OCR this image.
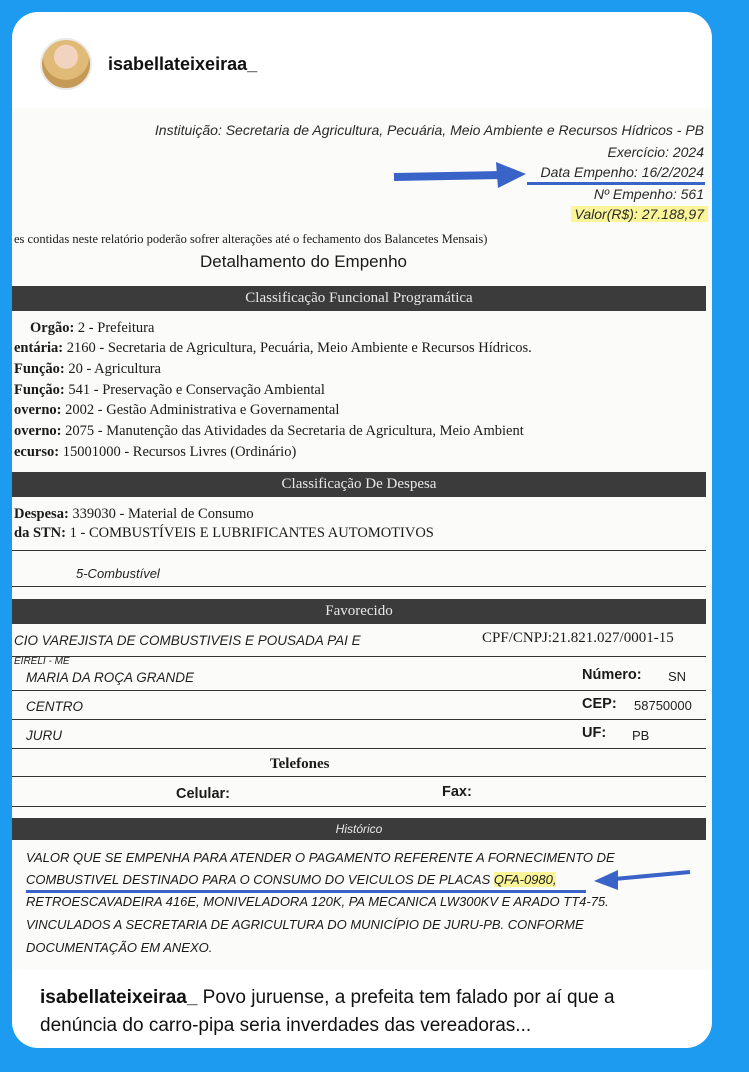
isabellateixeiraa_
Instituição: Secretaria de Agricultura, Pecuária, Meio Ambiente e Recursos Hídricos - PB
Exercício: 2024
Data Empenho: 16/2/2024
Nº Empenho: 561
Valor(R$): 27.188,97
es contidas neste relatório poderão sofrer alterações até o fechamento dos Balancetes Mensais)
Detalhamento do Empenho
Classificação Funcional Programática
Orgão: 2 - Prefeitura
entária: 2160 - Secretaria de Agricultura, Pecuária, Meio Ambiente e Recursos Hídricos.
Função: 20 - Agricultura
Função: 541 - Preservação e Conservação Ambiental
overno: 2002 - Gestão Administrativa e Governamental
overno: 2075 - Manutenção das Atividades da Secretaria de Agricultura, Meio Ambient
ecurso: 15001000 - Recursos Livres (Ordinário)
Classificação De Despesa
Despesa: 339030 - Material de Consumo
da STN: 1 - COMBUSTÍVEIS E LUBRIFICANTES AUTOMOTIVOS
5-Combustível
Favorecido
CIO VAREJISTA DE COMBUSTIVEIS E POUSADA PAI E	CPF/CNPJ:21.821.027/0001-15
EIRELI - ME
MARIA DA ROÇA GRANDE	Número: SN
CENTRO	CEP: 58750000
JURU	UF: PB
Telefones
Celular:	Fax:
Histórico
VALOR QUE SE EMPENHA PARA ATENDER O PAGAMENTO REFERENTE A FORNECIMENTO DE
COMBUSTIVEL DESTINADO PARA O CONSUMO DO VEICULOS DE PLACAS QFA-0980,
RETROESCAVADEIRA 416E, MONIVELADORA 120K, PA MECANICA LW300KV E ARADO TT4-75.
VINCULADOS A SECRETARIA DE AGRICULTURA DO MUNICÍPIO DE JURU-PB. CONFORME
DOCUMENTAÇÃO EM ANEXO.
isabellateixeiraa_ Povo juruense, a prefeita tem falado por aí que a denúncia do carro-pipa seria inverdades das vereadoras...
